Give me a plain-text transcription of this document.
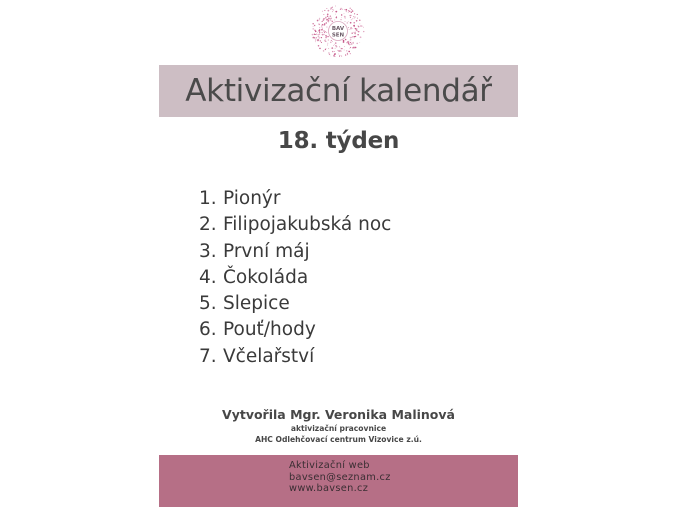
BAV
SEN
Aktivizační kalendář
18. týden
1. Pionýr
2. Filipojakubská noc
3. První máj
4. Čokoláda
5. Slepice
6. Pouť/hody
7. Včelařství
Vytvořila Mgr. Veronika Malinová
aktivizační pracovnice
AHC Odlehčovací centrum Vizovice z.ú.
Aktivizační web
bavsen@seznam.cz
www.bavsen.cz
